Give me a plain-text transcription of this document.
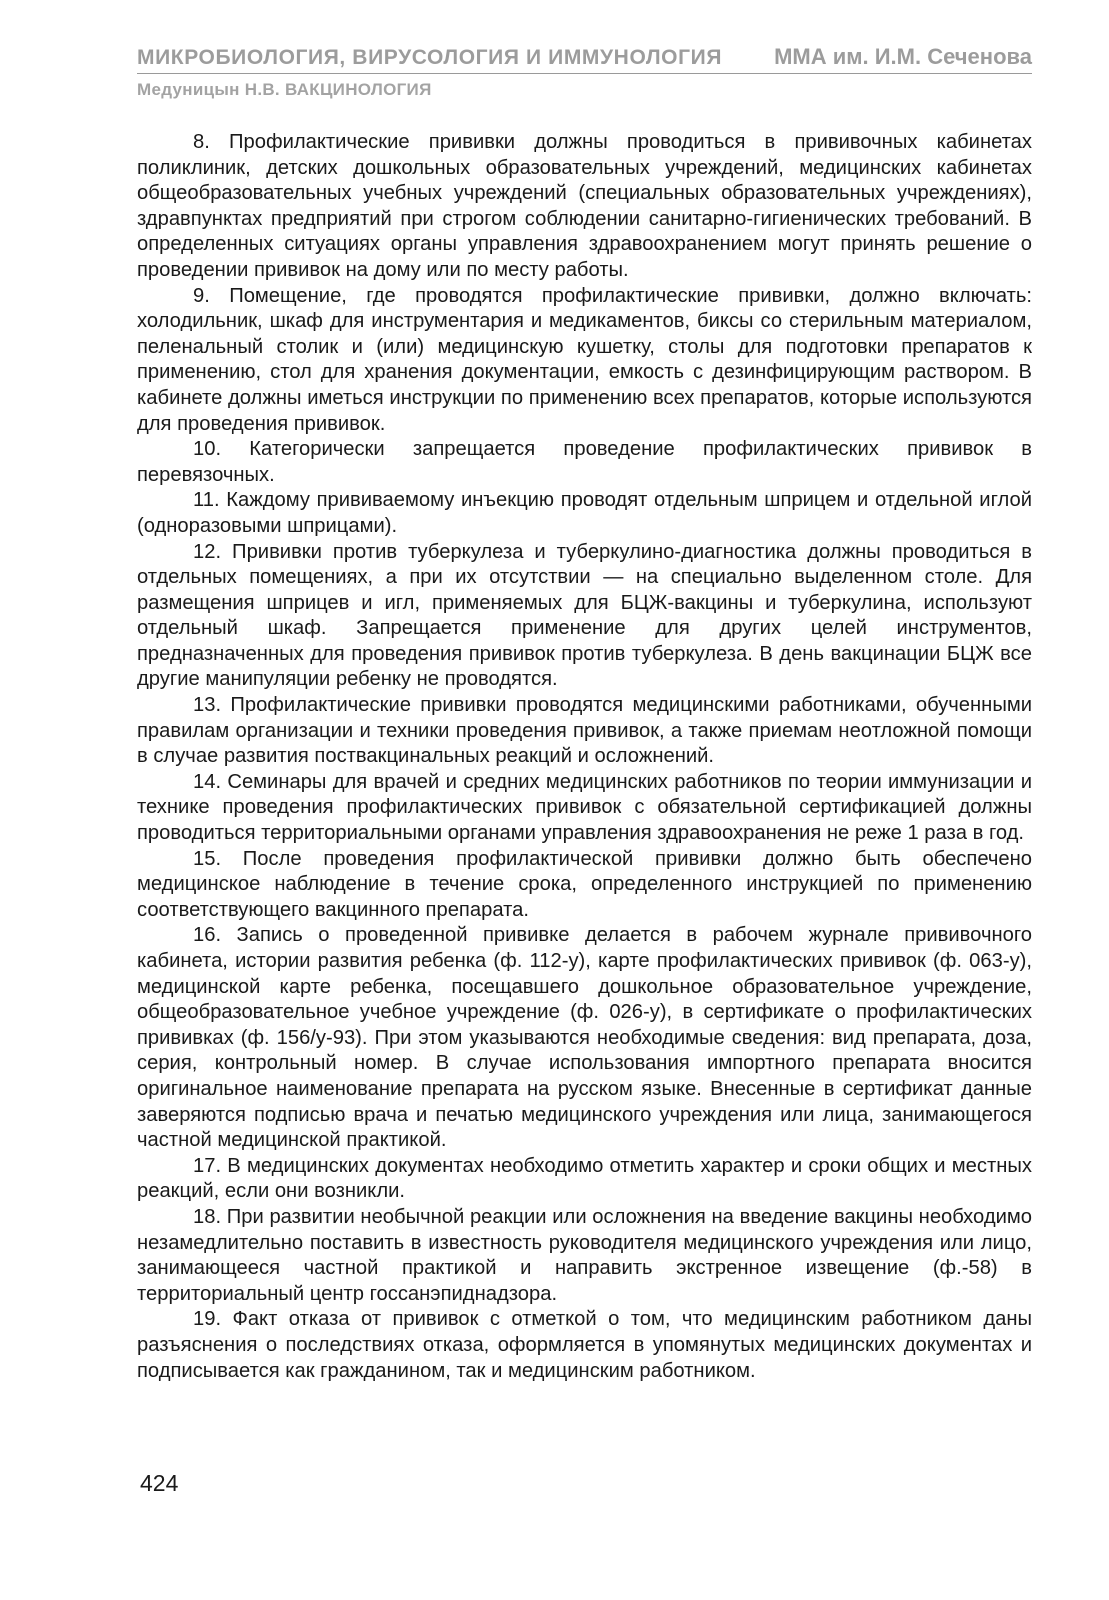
МИКРОБИОЛОГИЯ, ВИРУСОЛОГИЯ И ИММУНОЛОГИЯ ММА им. И.М. Сеченова
Медуницын Н.В. ВАКЦИНОЛОГИЯ

8. Профилактические прививки должны проводиться в прививочных кабинетах поликлиник, детских дошкольных образовательных учреждений, медицинских кабинетах общеобразовательных учебных учреждений (специальных образовательных учреждениях), здравпунктах предприятий при строгом соблюдении санитарно-гигиенических требований. В определенных ситуациях органы управления здравоохранением могут принять решение о проведении прививок на дому или по месту работы.

9. Помещение, где проводятся профилактические прививки, должно включать: холодильник, шкаф для инструментария и медикаментов, биксы со стерильным материалом, пеленальный столик и (или) медицинскую кушетку, столы для подготовки препаратов к применению, стол для хранения документации, емкость с дезинфицирующим раствором. В кабинете должны иметься инструкции по применению всех препаратов, которые используются для проведения прививок.

10. Категорически запрещается проведение профилактических прививок в перевязочных.

11. Каждому прививаемому инъекцию проводят отдельным шприцем и отдельной иглой (одноразовыми шприцами).

12. Прививки против туберкулеза и туберкулино-диагностика должны проводиться в отдельных помещениях, а при их отсутствии — на специально выделенном столе. Для размещения шприцев и игл, применяемых для БЦЖ-вакцины и туберкулина, используют отдельный шкаф. Запрещается применение для других целей инструментов, предназначенных для проведения прививок против туберкулеза. В день вакцинации БЦЖ все другие манипуляции ребенку не проводятся.

13. Профилактические прививки проводятся медицинскими работниками, обученными правилам организации и техники проведения прививок, а также приемам неотложной помощи в случае развития поствакцинальных реакций и осложнений.

14. Семинары для врачей и средних медицинских работников по теории иммунизации и технике проведения профилактических прививок с обязательной сертификацией должны проводиться территориальными органами управления здравоохранения не реже 1 раза в год.

15. После проведения профилактической прививки должно быть обеспечено медицинское наблюдение в течение срока, определенного инструкцией по применению соответствующего вакцинного препарата.

16. Запись о проведенной прививке делается в рабочем журнале прививочного кабинета, истории развития ребенка (ф. 112-у), карте профилактических прививок (ф. 063-у), медицинской карте ребенка, посещавшего дошкольное образовательное учреждение, общеобразовательное учебное учреждение (ф. 026-у), в сертификате о профилактических прививках (ф. 156/у-93). При этом указываются необходимые сведения: вид препарата, доза, серия, контрольный номер. В случае использования импортного препарата вносится оригинальное наименование препарата на русском языке. Внесенные в сертификат данные заверяются подписью врача и печатью медицинского учреждения или лица, занимающегося частной медицинской практикой.

17. В медицинских документах необходимо отметить характер и сроки общих и местных реакций, если они возникли.

18. При развитии необычной реакции или осложнения на введение вакцины необходимо незамедлительно поставить в известность руководителя медицинского учреждения или лицо, занимающееся частной практикой и направить экстренное извещение (ф.-58) в территориальный центр госсанэпиднадзора.

19. Факт отказа от прививок с отметкой о том, что медицинским работником даны разъяснения о последствиях отказа, оформляется в упомянутых медицинских документах и подписывается как гражданином, так и медицинским работником.

424
